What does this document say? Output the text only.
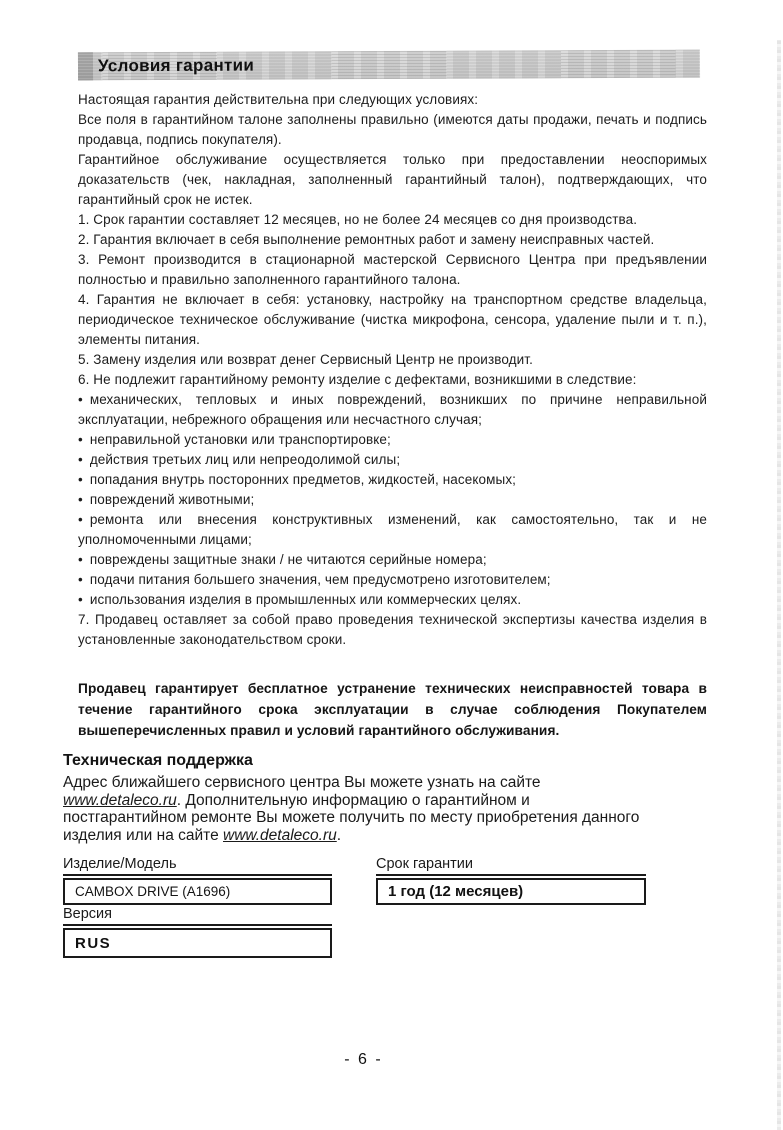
Условия гарантии

Настоящая гарантия действительна при следующих условиях:

Все поля в гарантийном талоне заполнены правильно (имеются даты продажи, печать и подпись продавца, подпись покупателя).

Гарантийное обслуживание осуществляется только при предоставлении неоспоримых доказательств (чек, накладная, заполненный гарантийный талон), подтверждающих, что гарантийный срок не истек.

1. Срок гарантии составляет 12 месяцев, но не более 24 месяцев со дня производства.

2. Гарантия включает в себя выполнение ремонтных работ и замену неисправных частей.

3. Ремонт производится в стационарной мастерской Сервисного Центра при предъявлении полностью и правильно заполненного гарантийного талона.

4. Гарантия не включает в себя: установку, настройку на транспортном средстве владельца, периодическое техническое обслуживание (чистка микрофона, сенсора, удаление пыли и т. п.), элементы питания.

5. Замену изделия или возврат денег Сервисный Центр не производит.

6. Не подлежит гарантийному ремонту изделие с дефектами, возникшими в следствие:

• механических, тепловых и иных повреждений, возникших по причине неправильной эксплуатации, небрежного обращения или несчастного случая;

• неправильной установки или транспортировке;

• действия третьих лиц или непреодолимой силы;

• попадания внутрь посторонних предметов, жидкостей, насекомых;

• повреждений животными;

• ремонта или внесения конструктивных изменений, как самостоятельно, так и не уполномоченными лицами;

• повреждены защитные знаки / не читаются серийные номера;

• подачи питания большего значения, чем предусмотрено изготовителем;

• использования изделия в промышленных или коммерческих целях.

7. Продавец оставляет за собой право проведения технической экспертизы качества изделия в установленные законодательством сроки.

Продавец гарантирует бесплатное устранение технических неисправностей товара в течение гарантийного срока эксплуатации в случае соблюдения Покупателем вышеперечисленных правил и условий гарантийного обслуживания.
Техническая поддержка
Адрес ближайшего сервисного центра Вы можете узнать на сайте www.detaleco.ru. Дополнительную информацию о гарантийном и постгарантийном ремонте Вы можете получить по месту приобретения данного изделия или на сайте www.detaleco.ru.
Изделие/Модель
CAMBOX DRIVE (A1696)
Срок гарантии
1 год (12 месяцев)
Версия
RUS
- 6 -
